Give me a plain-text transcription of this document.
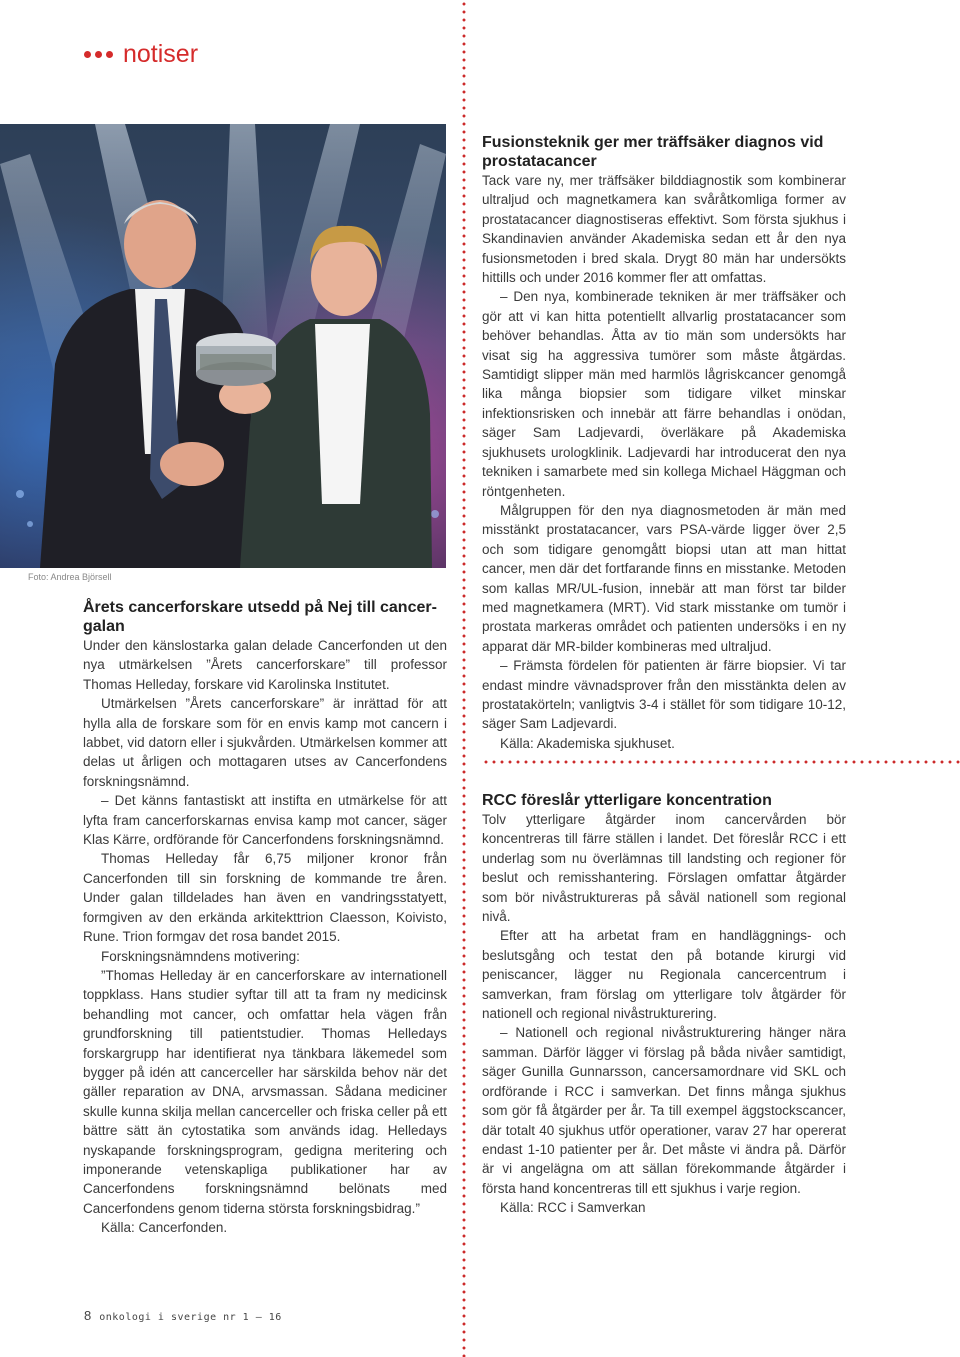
notiser
Foto: Andrea Björsell
Årets cancerforskare utsedd på Nej till cancer-galan

Under den känslostarka galan delade Cancerfonden ut den nya utmärkelsen ”Årets cancerforskare” till professor Thomas Helleday, forskare vid Karolinska Institutet.

Utmärkelsen ”Årets cancerforskare” är inrättad för att hylla alla de forskare som för en envis kamp mot cancern i labbet, vid datorn eller i sjukvården. Utmärkelsen kommer att delas ut årligen och mottagaren utses av Cancerfondens forskningsnämnd.

– Det känns fantastiskt att instifta en utmärkelse för att lyfta fram cancerforskarnas envisa kamp mot cancer, säger Klas Kärre, ordförande för Cancerfondens forskningsnämnd.

Thomas Helleday får 6,75 miljoner kronor från Cancerfonden till sin forskning de kommande tre åren. Under galan tilldelades han även en vandringsstatyett, formgiven av den erkända arkitekttrion Claesson, Koivisto, Rune. Trion formgav det rosa bandet 2015.

Forskningsnämndens motivering:

”Thomas Helleday är en cancerforskare av internationell toppklass. Hans studier syftar till att ta fram ny medicinsk behandling mot cancer, och omfattar hela vägen från grundforskning till patientstudier. Thomas Helledays forskargrupp har identifierat nya tänkbara läkemedel som bygger på idén att cancerceller har särskilda behov när det gäller reparation av DNA, arvsmassan. Sådana mediciner skulle kunna skilja mellan cancerceller och friska celler på ett bättre sätt än cytostatika som används idag. Helledays nyskapande forskningsprogram, gedigna meritering och imponerande vetenskapliga publikationer har av Cancerfondens forskningsnämnd belönats med Cancerfondens genom tiderna största forskningsbidrag.”

Källa: Cancerfonden.

Fusionsteknik ger mer träffsäker diagnos vid prostatacancer

Tack vare ny, mer träffsäker bilddiagnostik som kombinerar ultraljud och magnetkamera kan svåråtkomliga former av prostatacancer diagnostiseras effektivt. Som första sjukhus i Skandinavien använder Akademiska sedan ett år den nya fusionsmetoden i bred skala. Drygt 80 män har undersökts hittills och under 2016 kommer fler att omfattas.

– Den nya, kombinerade tekniken är mer träffsäker och gör att vi kan hitta potentiellt allvarlig prostatacancer som behöver behandlas. Åtta av tio män som undersökts har visat sig ha aggressiva tumörer som måste åtgärdas. Samtidigt slipper män med harmlös lågriskcancer genomgå lika många biopsier som tidigare vilket minskar infektionsrisken och innebär att färre behandlas i onödan, säger Sam Ladjevardi, överläkare på Akademiska sjukhusets urologklinik. Ladjevardi har introducerat den nya tekniken i samarbete med sin kollega Michael Häggman och röntgenheten.

Målgruppen för den nya diagnosmetoden är män med misstänkt prostatacancer, vars PSA-värde ligger över 2,5 och som tidigare genomgått biopsi utan att man hittat cancer, men där det fortfarande finns en misstanke. Metoden som kallas MR/UL-fusion, innebär att man först tar bilder med magnetkamera (MRT). Vid stark misstanke om tumör i prostata markeras området och patienten undersöks i en ny apparat där MR-bilder kombineras med ultraljud.

– Främsta fördelen för patienten är färre biopsier. Vi tar endast mindre vävnadsprover från den misstänkta delen av prostatakörteln; vanligtvis 3-4 i stället för som tidigare 10-12, säger Sam Ladjevardi.

Källa: Akademiska sjukhuset.

RCC föreslår ytterligare koncentration

Tolv ytterligare åtgärder inom cancervården bör koncentreras till färre ställen i landet. Det föreslår RCC i ett underlag som nu överlämnas till landsting och regioner för beslut och remisshantering. Förslagen omfattar åtgärder som bör nivåstruktureras på såväl nationell som regional nivå.

Efter att ha arbetat fram en handläggnings- och beslutsgång och testat den på botande kirurgi vid peniscancer, lägger nu Regionala cancercentrum i samverkan, fram förslag om ytterligare tolv åtgärder för nationell och regional nivåstrukturering.

– Nationell och regional nivåstrukturering hänger nära samman. Därför lägger vi förslag på båda nivåer samtidigt, säger Gunilla Gunnarsson, cancersamordnare vid SKL och ordförande i RCC i samverkan. Det finns många sjukhus som gör få åtgärder per år. Ta till exempel äggstockscancer, där totalt 40 sjukhus utför operationer, varav 27 har opererat endast 1-10 patienter per år. Det måste vi ändra på. Därför är vi angelägna om att sällan förekommande åtgärder i första hand koncentreras till ett sjukhus i varje region.

Källa: RCC i Samverkan

8 onkologi i sverige nr 1 – 16
